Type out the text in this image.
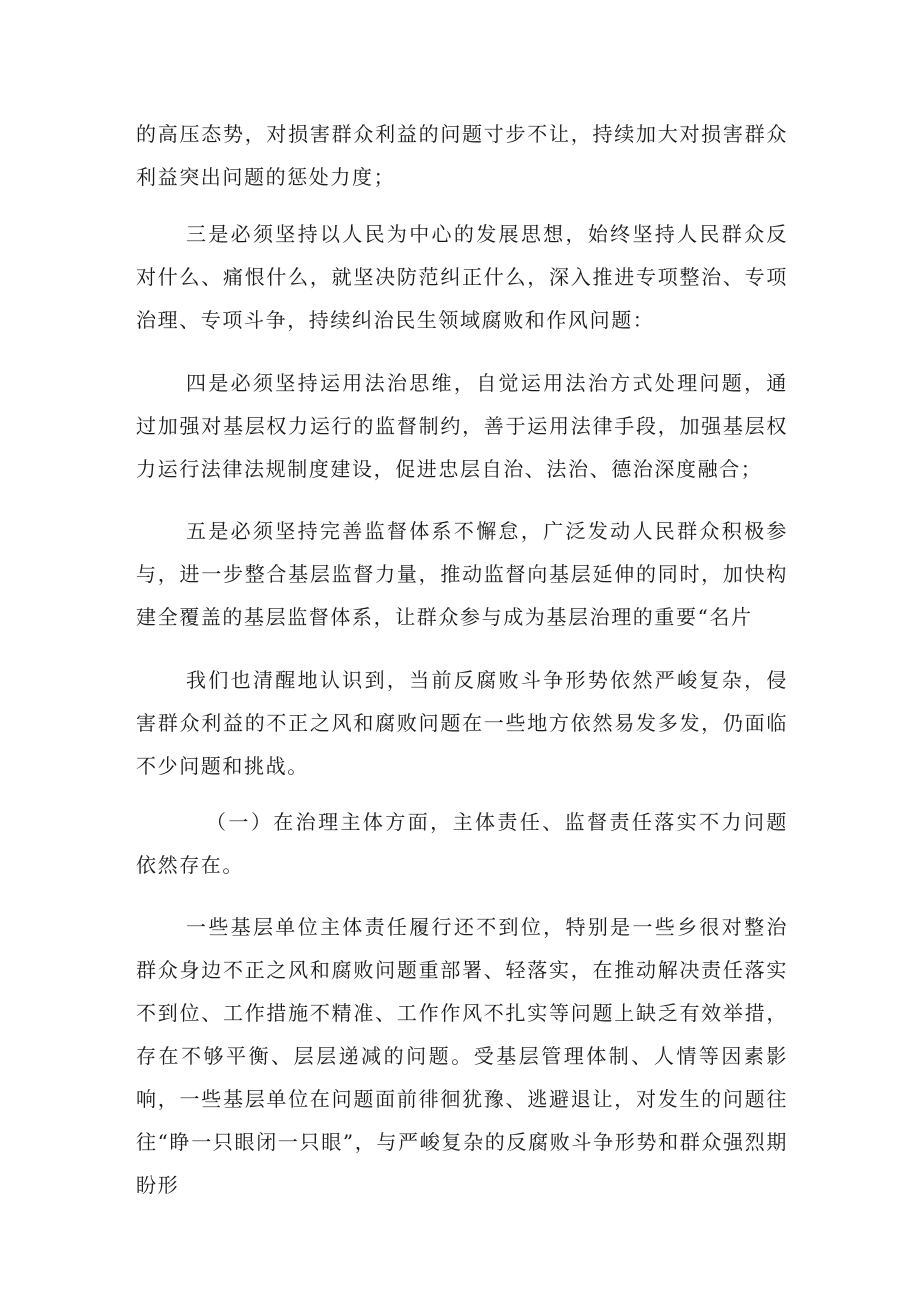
的高压态势，对损害群众利益的问题寸步不让，持续加大对损害群众利益突出问题的惩处力度；

三是必须坚持以人民为中心的发展思想，始终坚持人民群众反对什么、痛恨什么，就坚决防范纠正什么，深入推进专项整治、专项治理、专项斗争，持续纠治民生领域腐败和作风问题：

四是必须坚持运用法治思维，自觉运用法治方式处理问题，通过加强对基层权力运行的监督制约，善于运用法律手段，加强基层权力运行法律法规制度建设，促进忠层自治、法治、德治深度融合；

五是必须坚持完善监督体系不懈怠，广泛发动人民群众积极参与，进一步整合基层监督力量，推动监督向基层延伸的同时，加快构建全覆盖的基层监督体系，让群众参与成为基层治理的重要“名片

我们也清醒地认识到，当前反腐败斗争形势依然严峻复杂，侵害群众利益的不正之风和腐败问题在一些地方依然易发多发，仍面临不少问题和挑战。

（一）在治理主体方面，主体责任、监督责任落实不力问题依然存在。

一些基层单位主体责任履行还不到位，特别是一些乡很对整治群众身边不正之风和腐败问题重部署、轻落实，在推动解决责任落实不到位、工作措施不精准、工作作风不扎实等问题上缺乏有效举措，存在不够平衡、层层递减的问题。受基层管理体制、人情等因素影响，一些基层单位在问题面前徘徊犹豫、逃避退让，对发生的问题往往“睁一只眼闭一只眼”，与严峻复杂的反腐败斗争形势和群众强烈期盼形
